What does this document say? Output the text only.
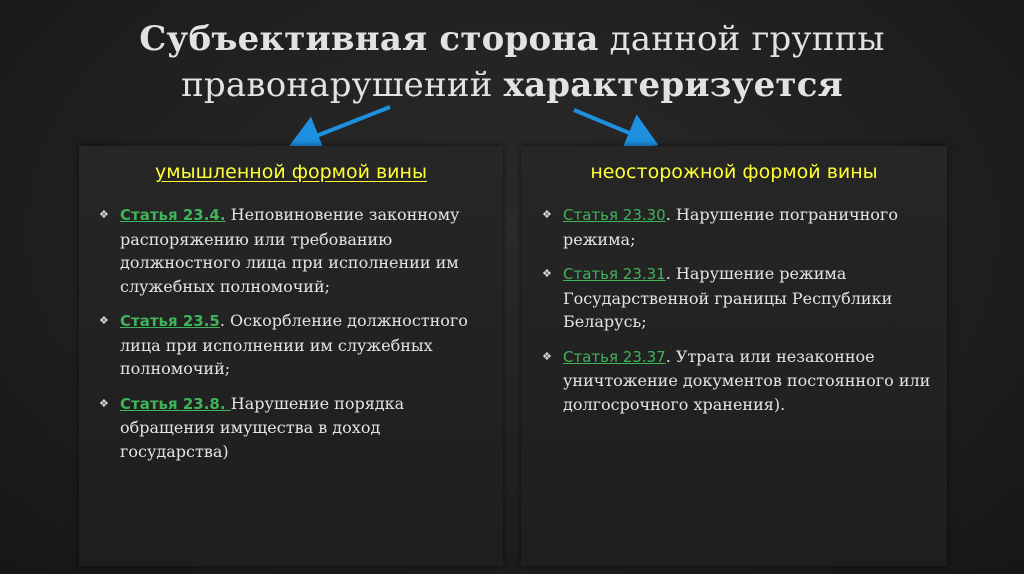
Субъективная сторона данной группы
правонарушений характеризуется
умышленной формой вины
❖ Статья 23.4. Неповиновение законному распоряжению или требованию должностного лица при исполнении им служебных полномочий;
❖ Статья 23.5. Оскорбление должностного лица при исполнении им служебных полномочий;
❖ Статья 23.8. Нарушение порядка обращения имущества в доход государства)
неосторожной формой вины
❖ Статья 23.30. Нарушение пограничного режима;
❖ Статья 23.31. Нарушение режима Государственной границы Республики Беларусь;
❖ Статья 23.37. Утрата или незаконное уничтожение документов постоянного или долгосрочного хранения).
